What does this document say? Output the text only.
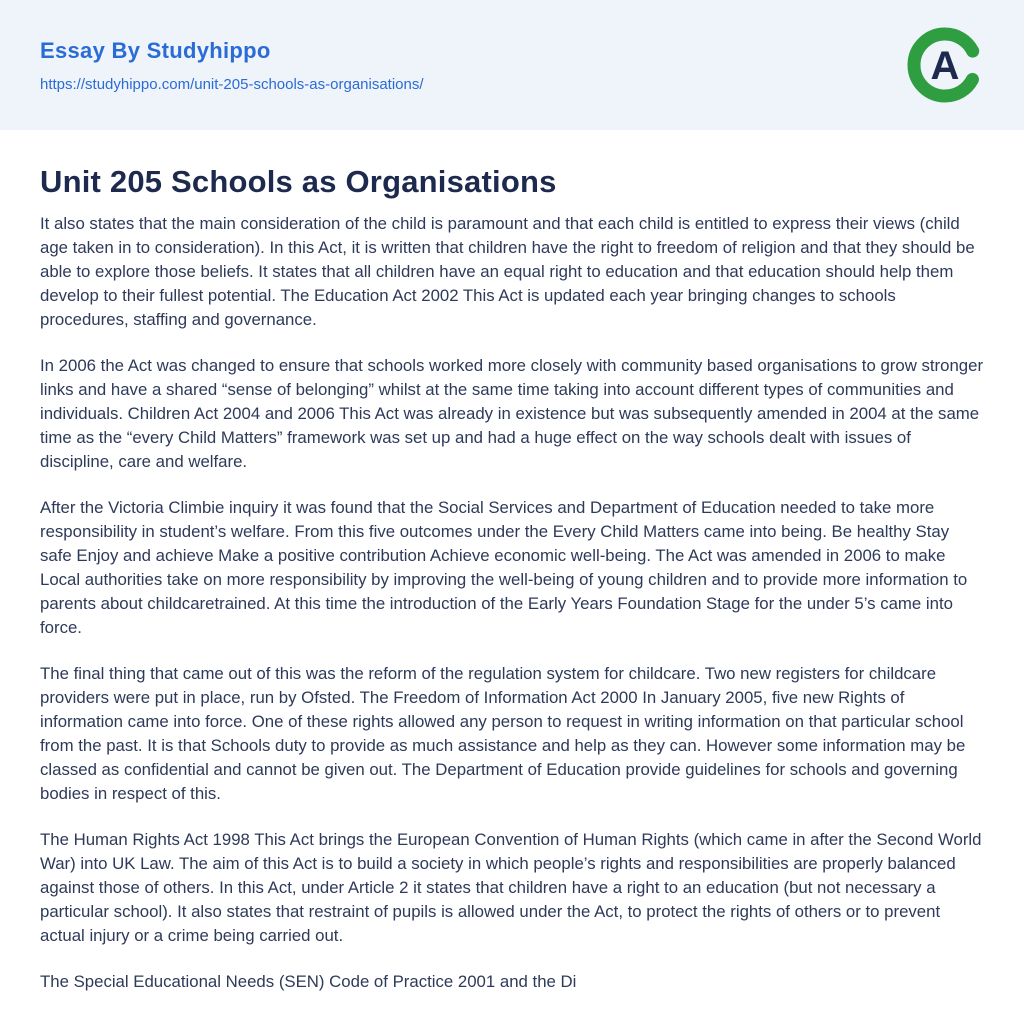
Essay By Studyhippo
https://studyhippo.com/unit-205-schools-as-organisations/	A
Unit 205 Schools as Organisations

It also states that the main consideration of the child is paramount and that each child is entitled to express their views (child age taken in to consideration). In this Act, it is written that children have the right to freedom of religion and that they should be able to explore those beliefs. It states that all children have an equal right to education and that education should help them develop to their fullest potential. The Education Act 2002 This Act is updated each year bringing changes to schools procedures, staffing and governance.

In 2006 the Act was changed to ensure that schools worked more closely with community based organisations to grow stronger links and have a shared “sense of belonging” whilst at the same time taking into account different types of communities and individuals. Children Act 2004 and 2006 This Act was already in existence but was subsequently amended in 2004 at the same time as the “every Child Matters” framework was set up and had a huge effect on the way schools dealt with issues of discipline, care and welfare.

After the Victoria Climbie inquiry it was found that the Social Services and Department of Education needed to take more responsibility in student’s welfare. From this five outcomes under the Every Child Matters came into being. Be healthy Stay safe Enjoy and achieve Make a positive contribution Achieve economic well-being. The Act was amended in 2006 to make Local authorities take on more responsibility by improving the well-being of young children and to provide more information to parents about childcaretrained. At this time the introduction of the Early Years Foundation Stage for the under 5’s came into force.

The final thing that came out of this was the reform of the regulation system for childcare. Two new registers for childcare providers were put in place, run by Ofsted. The Freedom of Information Act 2000 In January 2005, five new Rights of information came into force. One of these rights allowed any person to request in writing information on that particular school from the past. It is that Schools duty to provide as much assistance and help as they can. However some information may be classed as confidential and cannot be given out. The Department of Education provide guidelines for schools and governing bodies in respect of this.

The Human Rights Act 1998 This Act brings the European Convention of Human Rights (which came in after the Second World War) into UK Law. The aim of this Act is to build a society in which people’s rights and responsibilities are properly balanced against those of others. In this Act, under Article 2 it states that children have a right to an education (but not necessary a particular school). It also states that restraint of pupils is allowed under the Act, to protect the rights of others or to prevent actual injury or a crime being carried out.

The Special Educational Needs (SEN) Code of Practice 2001 and the Di
